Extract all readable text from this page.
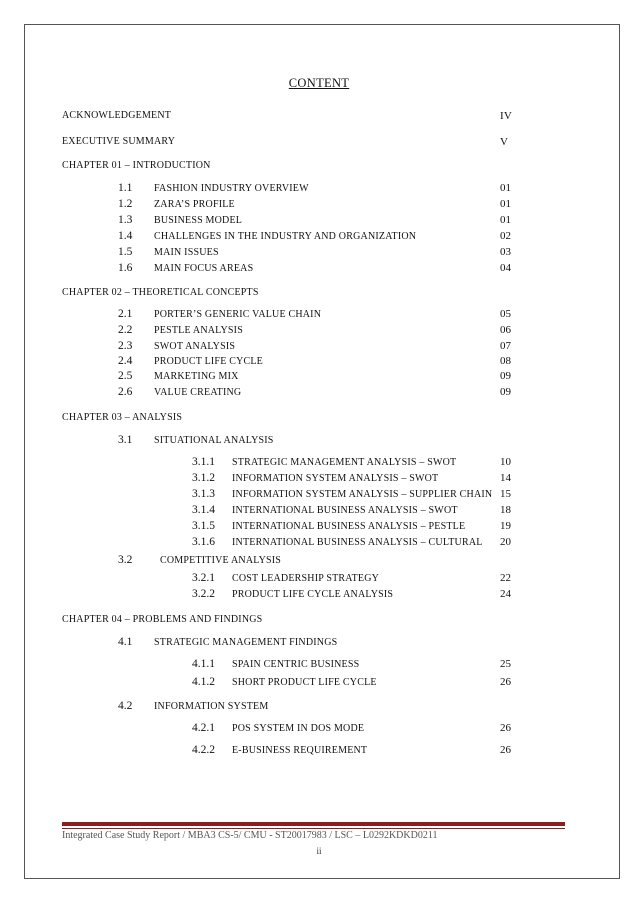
CONTENT
ACKNOWLEDGEMENT	IV
EXECUTIVE SUMMARY	V
CHAPTER 01 – INTRODUCTION
1.1 FASHION INDUSTRY OVERVIEW	01
1.2 ZARA’S PROFILE	01
1.3 BUSINESS MODEL	01
1.4 CHALLENGES IN THE INDUSTRY AND ORGANIZATION	02
1.5 MAIN ISSUES	03
1.6 MAIN FOCUS AREAS	04
CHAPTER 02 – THEORETICAL CONCEPTS
2.1 PORTER’S GENERIC VALUE CHAIN	05
2.2 PESTLE ANALYSIS	06
2.3 SWOT ANALYSIS	07
2.4 PRODUCT LIFE CYCLE	08
2.5 MARKETING MIX	09
2.6 VALUE CREATING	09
CHAPTER 03 – ANALYSIS
3.1 SITUATIONAL ANALYSIS
3.1.1 STRATEGIC MANAGEMENT ANALYSIS – SWOT	10
3.1.2 INFORMATION SYSTEM ANALYSIS – SWOT	14
3.1.3 INFORMATION SYSTEM ANALYSIS – SUPPLIER CHAIN 15
3.1.4 INTERNATIONAL BUSINESS ANALYSIS – SWOT	18
3.1.5 INTERNATIONAL BUSINESS ANALYSIS – PESTLE	19
3.1.6 INTERNATIONAL BUSINESS ANALYSIS – CULTURAL 20
3.2	COMPETITIVE ANALYSIS
3.2.1 COST LEADERSHIP STRATEGY	22
3.2.2 PRODUCT LIFE CYCLE ANALYSIS	24
CHAPTER 04 – PROBLEMS AND FINDINGS
4.1 STRATEGIC MANAGEMENT FINDINGS
4.1.1 SPAIN CENTRIC BUSINESS	25
4.1.2 SHORT PRODUCT LIFE CYCLE	26
4.2 INFORMATION SYSTEM
4.2.1 POS SYSTEM IN DOS MODE	26
4.2.2 E-BUSINESS REQUIREMENT	26
Integrated Case Study Report / MBA3 CS-5/ CMU - ST20017983 / LSC – L0292KDKD0211
ii
